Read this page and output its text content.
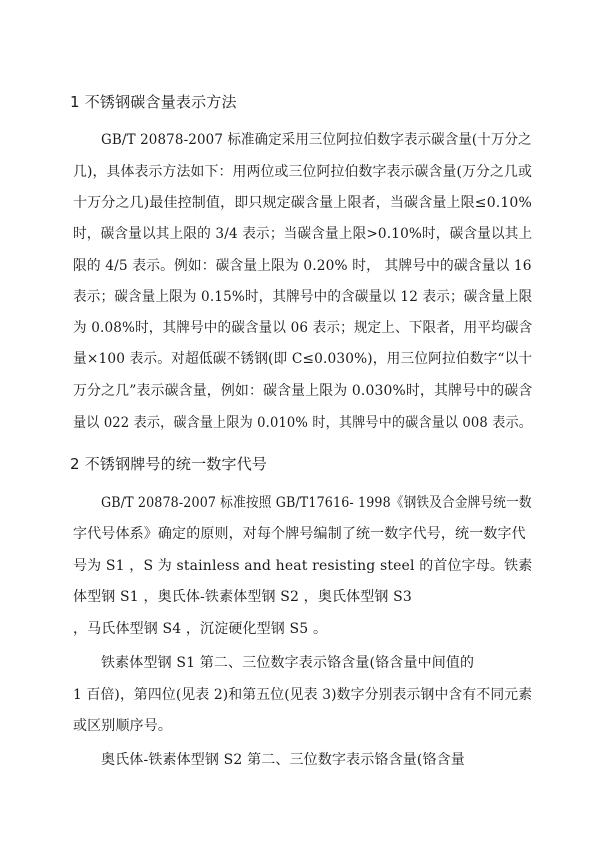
1 不锈钢碳含量表示方法
GB/T 20878-2007 标准确定采用三位阿拉伯数字表示碳含量(十万分之
几)，具体表示方法如下：用两位或三位阿拉伯数字表示碳含量(万分之几或
十万分之几)最佳控制值，即只规定碳含量上限者，当碳含量上限≤0.10%
时，碳含量以其上限的 3/4 表示；当碳含量上限>0.10%时，碳含量以其上
限的 4/5 表示。例如：碳含量上限为 0.20% 时， 其牌号中的碳含量以 16
表示；碳含量上限为 0.15%时，其牌号中的含碳量以 12 表示；碳含量上限
为 0.08%时，其牌号中的碳含量以 06 表示；规定上、下限者，用平均碳含
量×100 表示。对超低碳不锈钢(即 C≤0.030%)，用三位阿拉伯数字“以十
万分之几”表示碳含量，例如：碳含量上限为 0.030%时，其牌号中的碳含
量以 022 表示，碳含量上限为 0.010% 时，其牌号中的碳含量以 008 表示。
2 不锈钢牌号的统一数字代号
GB/T 20878-2007 标准按照 GB/T17616- 1998《钢铁及合金牌号统一数
字代号体系》确定的原则，对每个牌号编制了统一数字代号，统一数字代
号为 S1 ，S 为 stainless and heat resisting steel 的首位字母。铁素
体型钢 S1 ，奥氏体-铁素体型钢 S2 ，奥氏体型钢 S3
，马氏体型钢 S4 ，沉淀硬化型钢 S5 。
铁素体型钢 S1 第二、三位数字表示铬含量(铬含量中间值的
1 百倍)，第四位(见表 2)和第五位(见表 3)数字分别表示钢中含有不同元素
或区别顺序号。
奥氏体-铁素体型钢 S2 第二、三位数字表示铬含量(铬含量
